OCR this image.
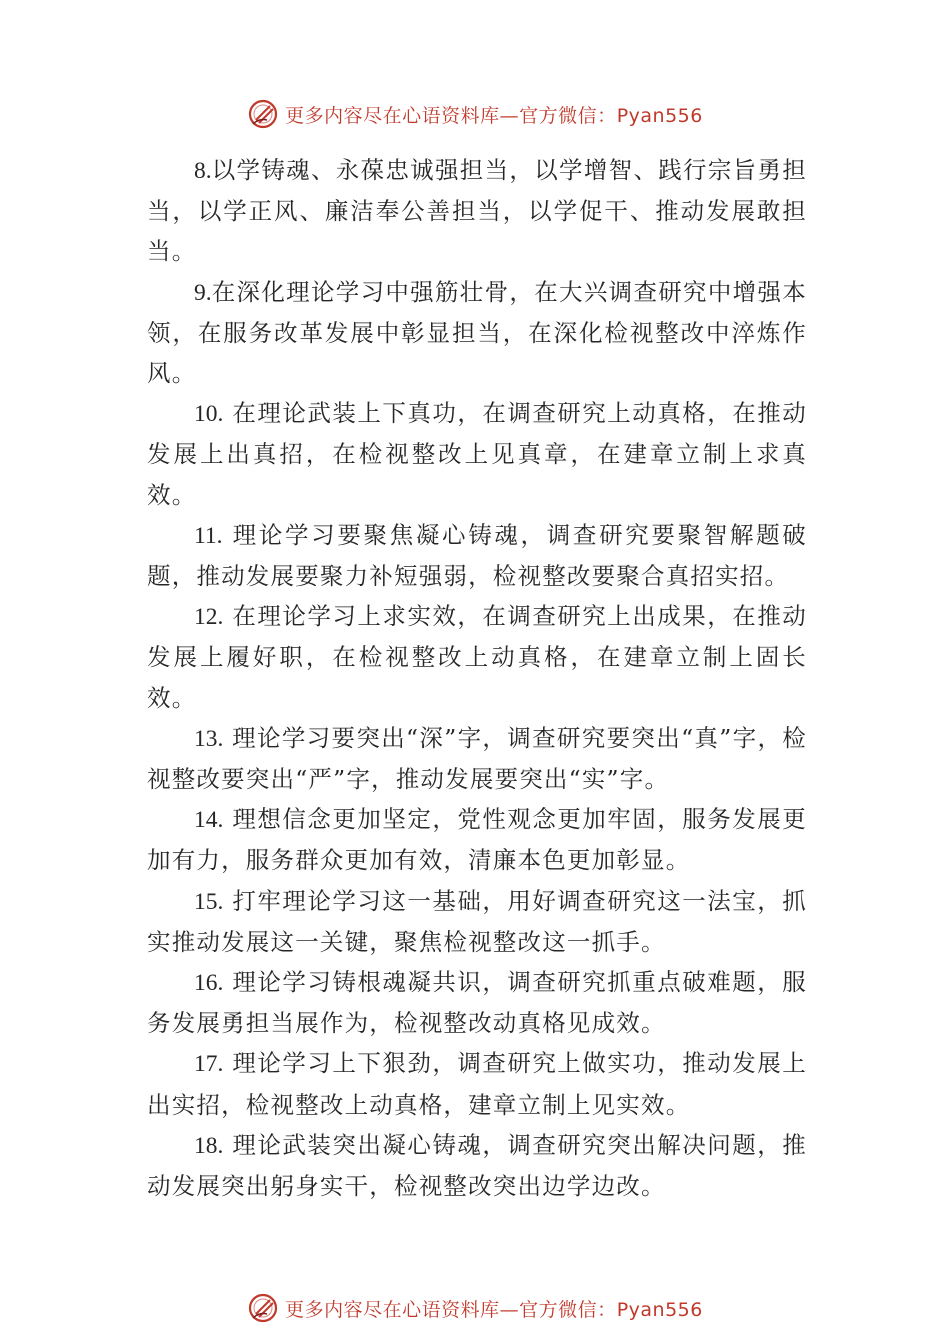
更多内容尽在心语资料库—官方微信：Pyan556

8.以学铸魂、永葆忠诚强担当，以学增智、践行宗旨勇担当，以学正风、廉洁奉公善担当，以学促干、推动发展敢担当。

9.在深化理论学习中强筋壮骨，在大兴调查研究中增强本领，在服务改革发展中彰显担当，在深化检视整改中淬炼作风。

10. 在理论武装上下真功，在调查研究上动真格，在推动发展上出真招，在检视整改上见真章，在建章立制上求真效。

11. 理论学习要聚焦凝心铸魂，调查研究要聚智解题破题，推动发展要聚力补短强弱，检视整改要聚合真招实招。

12. 在理论学习上求实效，在调查研究上出成果，在推动发展上履好职，在检视整改上动真格，在建章立制上固长效。

13. 理论学习要突出“深”字，调查研究要突出“真”字，检视整改要突出“严”字，推动发展要突出“实”字。

14. 理想信念更加坚定，党性观念更加牢固，服务发展更加有力，服务群众更加有效，清廉本色更加彰显。

15. 打牢理论学习这一基础，用好调查研究这一法宝，抓实推动发展这一关键，聚焦检视整改这一抓手。

16. 理论学习铸根魂凝共识，调查研究抓重点破难题，服务发展勇担当展作为，检视整改动真格见成效。

17. 理论学习上下狠劲，调查研究上做实功，推动发展上出实招，检视整改上动真格，建章立制上见实效。

18. 理论武装突出凝心铸魂，调查研究突出解决问题，推动发展突出躬身实干，检视整改突出边学边改。

更多内容尽在心语资料库—官方微信：Pyan556
